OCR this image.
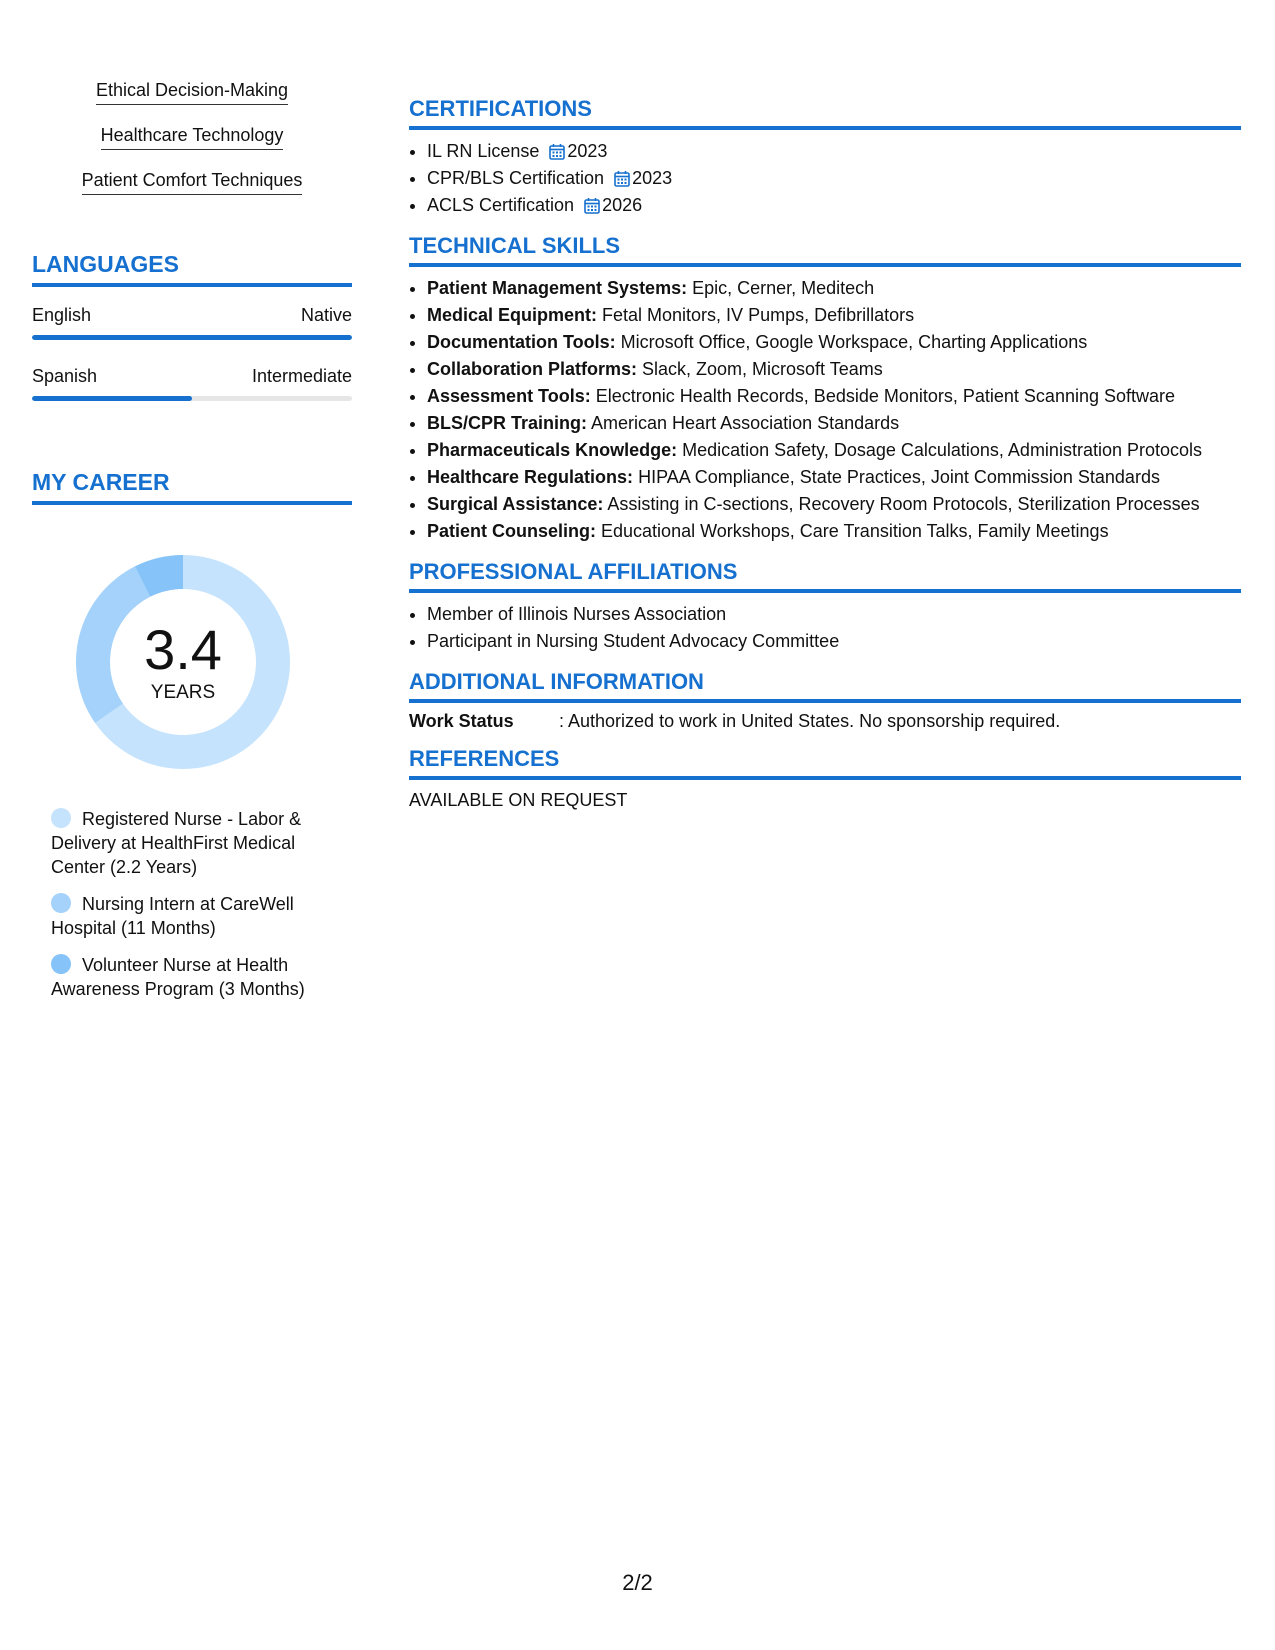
Ethical Decision-Making
Healthcare Technology
Patient Comfort Techniques
LANGUAGES
English	Native
Spanish	Intermediate
MY CAREER
3.4
YEARS
Registered Nurse - Labor & Delivery at HealthFirst Medical Center (2.2 Years)
Nursing Intern at CareWell Hospital (11 Months)
Volunteer Nurse at Health Awareness Program (3 Months)
CERTIFICATIONS
• IL RN License 2023
• CPR/BLS Certification 2023
• ACLS Certification 2026
TECHNICAL SKILLS
• Patient Management Systems: Epic, Cerner, Meditech
• Medical Equipment: Fetal Monitors, IV Pumps, Defibrillators
• Documentation Tools: Microsoft Office, Google Workspace, Charting Applications
• Collaboration Platforms: Slack, Zoom, Microsoft Teams
• Assessment Tools: Electronic Health Records, Bedside Monitors, Patient Scanning Software
• BLS/CPR Training: American Heart Association Standards
• Pharmaceuticals Knowledge: Medication Safety, Dosage Calculations, Administration Protocols
• Healthcare Regulations: HIPAA Compliance, State Practices, Joint Commission Standards
• Surgical Assistance: Assisting in C-sections, Recovery Room Protocols, Sterilization Processes
• Patient Counseling: Educational Workshops, Care Transition Talks, Family Meetings
PROFESSIONAL AFFILIATIONS
• Member of Illinois Nurses Association
• Participant in Nursing Student Advocacy Committee
ADDITIONAL INFORMATION
Work Status	: Authorized to work in United States. No sponsorship required.
REFERENCES
AVAILABLE ON REQUEST
2/2
